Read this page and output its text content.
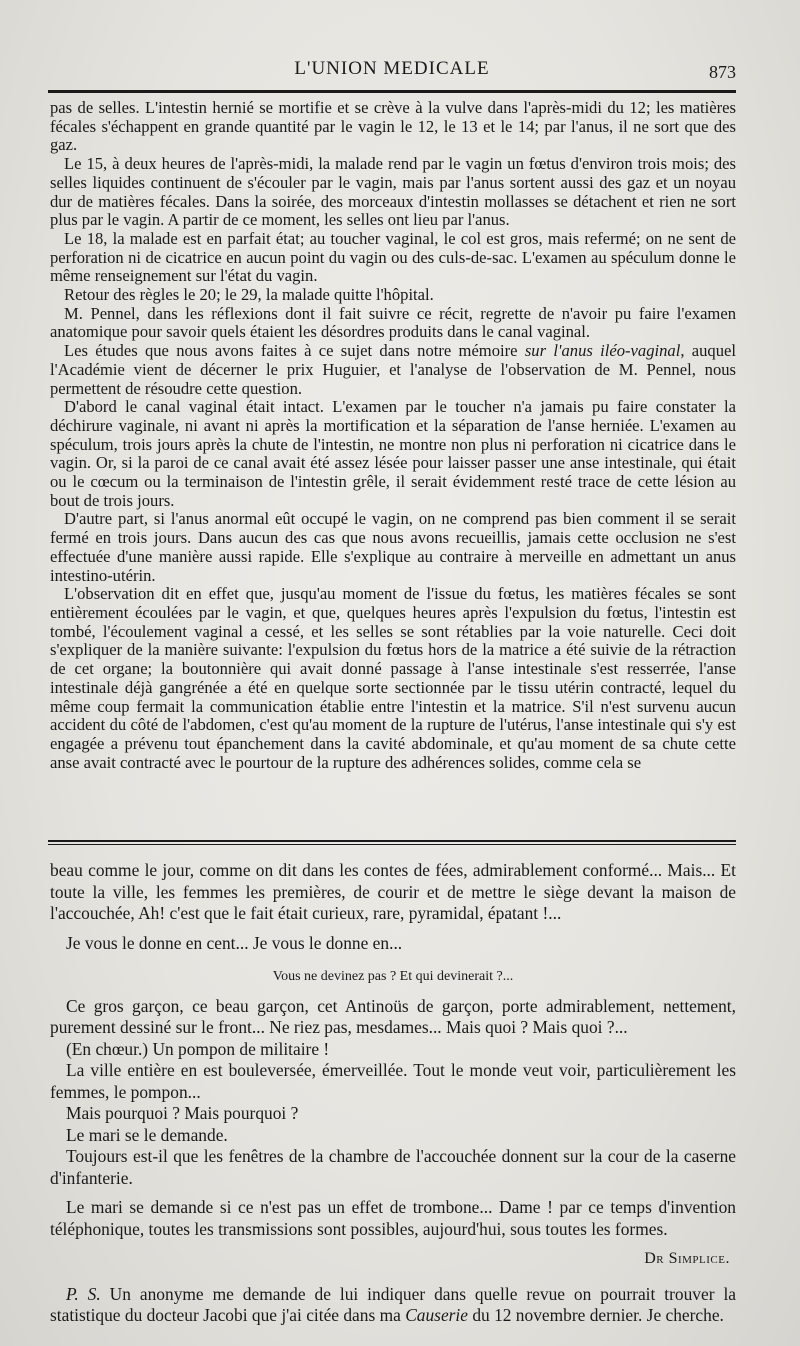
L'UNION MEDICALE	873

pas de selles. L'intestin hernié se mortifie et se crève à la vulve dans l'après-midi du 12; les matières fécales s'échappent en grande quantité par le vagin le 12, le 13 et le 14; par l'anus, il ne sort que des gaz.

Le 15, à deux heures de l'après-midi, la malade rend par le vagin un fœtus d'environ trois mois; des selles liquides continuent de s'écouler par le vagin, mais par l'anus sortent aussi des gaz et un noyau dur de matières fécales. Dans la soirée, des morceaux d'intestin mollasses se détachent et rien ne sort plus par le vagin. A partir de ce moment, les selles ont lieu par l'anus.

Le 18, la malade est en parfait état; au toucher vaginal, le col est gros, mais refermé; on ne sent de perforation ni de cicatrice en aucun point du vagin ou des culs-de-sac. L'examen au spéculum donne le même renseignement sur l'état du vagin.

Retour des règles le 20; le 29, la malade quitte l'hôpital.

M. Pennel, dans les réflexions dont il fait suivre ce récit, regrette de n'avoir pu faire l'examen anatomique pour savoir quels étaient les désordres produits dans le canal vaginal.

Les études que nous avons faites à ce sujet dans notre mémoire sur l'anus iléo-vaginal, auquel l'Académie vient de décerner le prix Huguier, et l'analyse de l'observation de M. Pennel, nous permettent de résoudre cette question.

D'abord le canal vaginal était intact. L'examen par le toucher n'a jamais pu faire constater la déchirure vaginale, ni avant ni après la mortification et la séparation de l'anse herniée. L'examen au spéculum, trois jours après la chute de l'intestin, ne montre non plus ni perforation ni cicatrice dans le vagin. Or, si la paroi de ce canal avait été assez lésée pour laisser passer une anse intestinale, qui était ou le cœcum ou la terminaison de l'intestin grêle, il serait évidemment resté trace de cette lésion au bout de trois jours.

D'autre part, si l'anus anormal eût occupé le vagin, on ne comprend pas bien comment il se serait fermé en trois jours. Dans aucun des cas que nous avons recueillis, jamais cette occlusion ne s'est effectuée d'une manière aussi rapide. Elle s'explique au contraire à merveille en admettant un anus intestino-utérin.

L'observation dit en effet que, jusqu'au moment de l'issue du fœtus, les matières fécales se sont entièrement écoulées par le vagin, et que, quelques heures après l'expulsion du fœtus, l'intestin est tombé, l'écoulement vaginal a cessé, et les selles se sont rétablies par la voie naturelle. Ceci doit s'expliquer de la manière suivante: l'expulsion du fœtus hors de la matrice a été suivie de la rétraction de cet organe; la boutonnière qui avait donné passage à l'anse intestinale s'est resserrée, l'anse intestinale déjà gangrénée a été en quelque sorte sectionnée par le tissu utérin contracté, lequel du même coup fermait la communication établie entre l'intestin et la matrice. S'il n'est survenu aucun accident du côté de l'abdomen, c'est qu'au moment de la rupture de l'utérus, l'anse intestinale qui s'y est engagée a prévenu tout épanchement dans la cavité abdominale, et qu'au moment de sa chute cette anse avait contracté avec le pourtour de la rupture des adhérences solides, comme cela se

beau comme le jour, comme on dit dans les contes de fées, admirablement conformé... Mais... Et toute la ville, les femmes les premières, de courir et de mettre le siège devant la maison de l'accouchée, Ah! c'est que le fait était curieux, rare, pyramidal, épatant !...

Je vous le donne en cent... Je vous le donne en...

Vous ne devinez pas ? Et qui devinerait ?...

Ce gros garçon, ce beau garçon, cet Antinoüs de garçon, porte admirablement, nettement, purement dessiné sur le front... Ne riez pas, mesdames... Mais quoi ? Mais quoi ?...

(En chœur.) Un pompon de militaire !

La ville entière en est bouleversée, émerveillée. Tout le monde veut voir, particulièrement les femmes, le pompon...

Mais pourquoi ? Mais pourquoi ?

Le mari se le demande.

Toujours est-il que les fenêtres de la chambre de l'accouchée donnent sur la cour de la caserne d'infanterie.

Le mari se demande si ce n'est pas un effet de trombone... Dame ! par ce temps d'invention téléphonique, toutes les transmissions sont possibles, aujourd'hui, sous toutes les formes.

Dr Simplice.

P. S. Un anonyme me demande de lui indiquer dans quelle revue on pourrait trouver la statistique du docteur Jacobi que j'ai citée dans ma Causerie du 12 novembre dernier. Je cherche.
